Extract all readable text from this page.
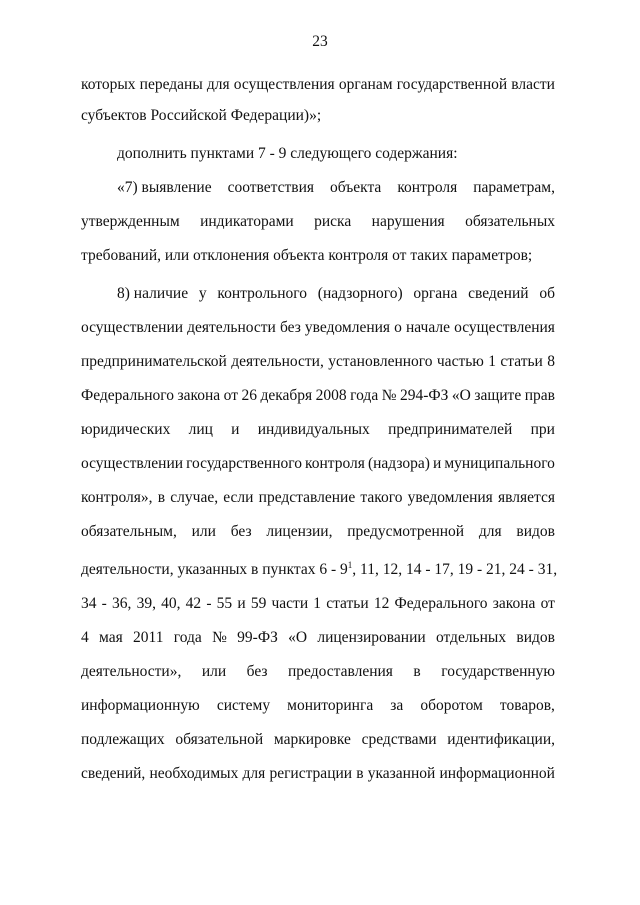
23
которых переданы для осуществления органам государственной власти
субъектов Российской Федерации)»;
дополнить пунктами 7 - 9 следующего содержания:
«7) выявление соответствия объекта контроля параметрам,
утвержденным индикаторами риска нарушения обязательных
требований, или отклонения объекта контроля от таких параметров;
8) наличие у контрольного (надзорного) органа сведений об
осуществлении деятельности без уведомления о начале осуществления
предпринимательской деятельности, установленного частью 1 статьи 8
Федерального закона от 26 декабря 2008 года № 294-ФЗ «О защите прав
юридических лиц и индивидуальных предпринимателей при
осуществлении государственного контроля (надзора) и муниципального
контроля», в случае, если представление такого уведомления является
обязательным, или без лицензии, предусмотренной для видов
деятельности, указанных в пунктах $6 - 9^1$, 11, 12, 14 - 17, 19 - 21, 24 - 31,
34 - 36, 39, 40, 42 - 55 и 59 части 1 статьи 12 Федерального закона от
4 мая 2011 года № 99-ФЗ «О лицензировании отдельных видов
деятельности», или без предоставления в государственную
информационную систему мониторинга за оборотом товаров,
подлежащих обязательной маркировке средствами идентификации,
сведений, необходимых для регистрации в указанной информационной
